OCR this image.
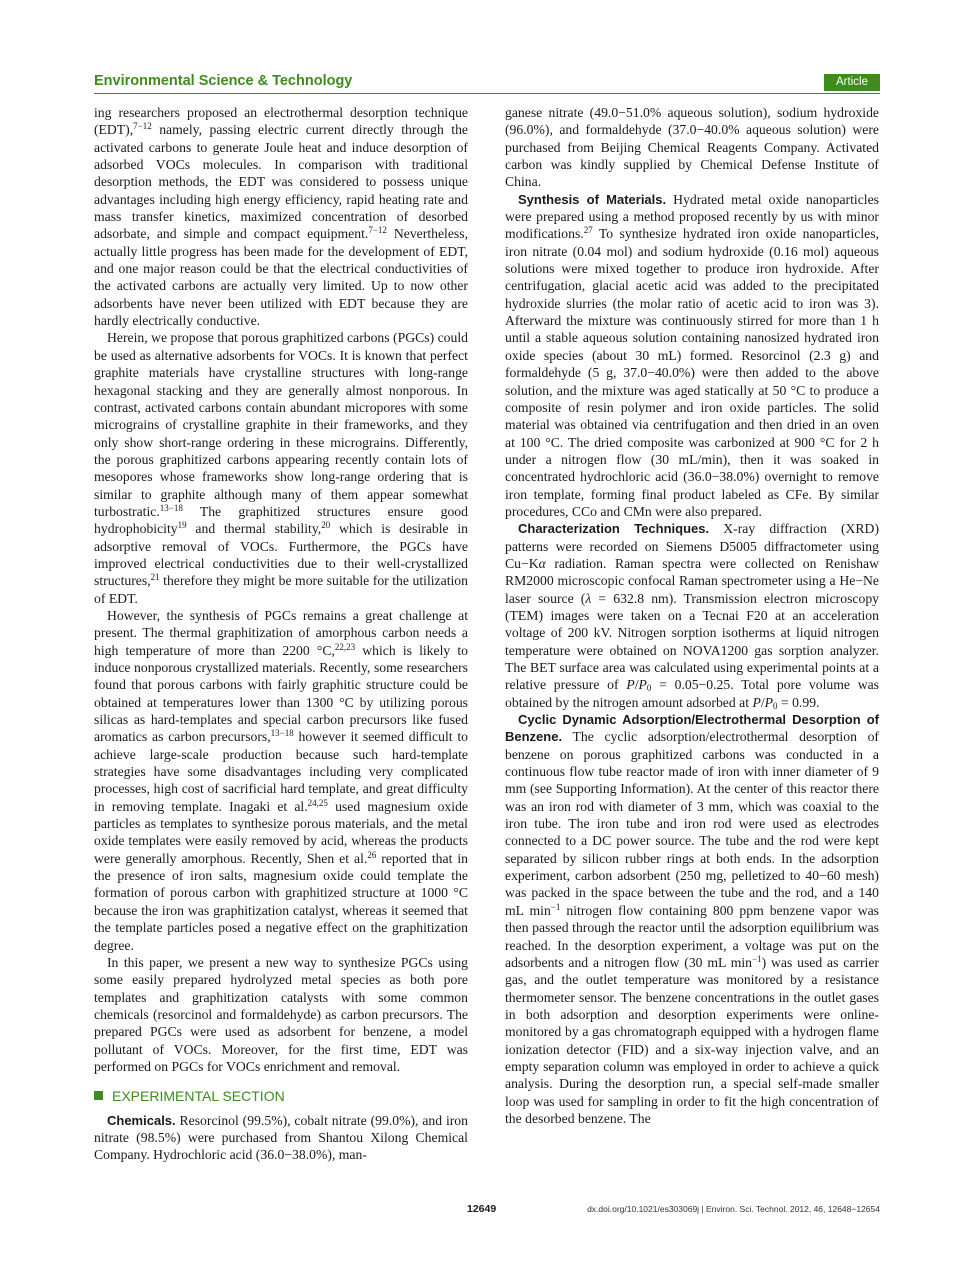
Environmental Science & Technology	Article

ing researchers proposed an electrothermal desorption technique (EDT),$^{7-12}$ namely, passing electric current directly through the activated carbons to generate Joule heat and induce desorption of adsorbed VOCs molecules. In comparison with traditional desorption methods, the EDT was considered to possess unique advantages including high energy efficiency, rapid heating rate and mass transfer kinetics, maximized concentration of desorbed adsorbate, and simple and compact equipment.$^{7-12}$ Nevertheless, actually little progress has been made for the development of EDT, and one major reason could be that the electrical conductivities of the activated carbons are actually very limited. Up to now other adsorbents have never been utilized with EDT because they are hardly electrically conductive.

Herein, we propose that porous graphitized carbons (PGCs) could be used as alternative adsorbents for VOCs. It is known that perfect graphite materials have crystalline structures with long-range hexagonal stacking and they are generally almost nonporous. In contrast, activated carbons contain abundant micropores with some micrograins of crystalline graphite in their frameworks, and they only show short-range ordering in these micrograins. Differently, the porous graphitized carbons appearing recently contain lots of mesopores whose frameworks show long-range ordering that is similar to graphite although many of them appear somewhat turbostratic.$^{13-18}$ The graphitized structures ensure good hydrophobicity$^{19}$ and thermal stability,$^{20}$ which is desirable in adsorptive removal of VOCs. Furthermore, the PGCs have improved electrical conductivities due to their well-crystallized structures,$^{21}$ therefore they might be more suitable for the utilization of EDT.

However, the synthesis of PGCs remains a great challenge at present. The thermal graphitization of amorphous carbon needs a high temperature of more than 2200 °C,$^{22,23}$ which is likely to induce nonporous crystallized materials. Recently, some researchers found that porous carbons with fairly graphitic structure could be obtained at temperatures lower than 1300 °C by utilizing porous silicas as hard-templates and special carbon precursors like fused aromatics as carbon precursors,$^{13-18}$ however it seemed difficult to achieve large-scale production because such hard-template strategies have some disadvantages including very complicated processes, high cost of sacrificial hard template, and great difficulty in removing template. Inagaki et al.$^{24,25}$ used magnesium oxide particles as templates to synthesize porous materials, and the metal oxide templates were easily removed by acid, whereas the products were generally amorphous. Recently, Shen et al.$^{26}$ reported that in the presence of iron salts, magnesium oxide could template the formation of porous carbon with graphitized structure at 1000 °C because the iron was graphitization catalyst, whereas it seemed that the template particles posed a negative effect on the graphitization degree.

In this paper, we present a new way to synthesize PGCs using some easily prepared hydrolyzed metal species as both pore templates and graphitization catalysts with some common chemicals (resorcinol and formaldehyde) as carbon precursors. The prepared PGCs were used as adsorbent for benzene, a model pollutant of VOCs. Moreover, for the first time, EDT was performed on PGCs for VOCs enrichment and removal.

EXPERIMENTAL SECTION

Chemicals. Resorcinol (99.5%), cobalt nitrate (99.0%), and iron nitrate (98.5%) were purchased from Shantou Xilong Chemical Company. Hydrochloric acid (36.0−38.0%), man-

ganese nitrate (49.0−51.0% aqueous solution), sodium hydroxide (96.0%), and formaldehyde (37.0−40.0% aqueous solution) were purchased from Beijing Chemical Reagents Company. Activated carbon was kindly supplied by Chemical Defense Institute of China.

Synthesis of Materials. Hydrated metal oxide nanoparticles were prepared using a method proposed recently by us with minor modifications.$^{27}$ To synthesize hydrated iron oxide nanoparticles, iron nitrate (0.04 mol) and sodium hydroxide (0.16 mol) aqueous solutions were mixed together to produce iron hydroxide. After centrifugation, glacial acetic acid was added to the precipitated hydroxide slurries (the molar ratio of acetic acid to iron was 3). Afterward the mixture was continuously stirred for more than 1 h until a stable aqueous solution containing nanosized hydrated iron oxide species (about 30 mL) formed. Resorcinol (2.3 g) and formaldehyde (5 g, 37.0−40.0%) were then added to the above solution, and the mixture was aged statically at 50 °C to produce a composite of resin polymer and iron oxide particles. The solid material was obtained via centrifugation and then dried in an oven at 100 °C. The dried composite was carbonized at 900 °C for 2 h under a nitrogen flow (30 mL/min), then it was soaked in concentrated hydrochloric acid (36.0−38.0%) overnight to remove iron template, forming final product labeled as CFe. By similar procedures, CCo and CMn were also prepared.

Characterization Techniques. X-ray diffraction (XRD) patterns were recorded on Siemens D5005 diffractometer using Cu−Kα radiation. Raman spectra were collected on Renishaw RM2000 microscopic confocal Raman spectrometer using a He−Ne laser source (λ = 632.8 nm). Transmission electron microscopy (TEM) images were taken on a Tecnai F20 at an acceleration voltage of 200 kV. Nitrogen sorption isotherms at liquid nitrogen temperature were obtained on NOVA1200 gas sorption analyzer. The BET surface area was calculated using experimental points at a relative pressure of $P/P_0 = 0.05-0.25$. Total pore volume was obtained by the nitrogen amount adsorbed at $P/P_0 = 0.99$.

Cyclic Dynamic Adsorption/Electrothermal Desorption of Benzene. The cyclic adsorption/electrothermal desorption of benzene on porous graphitized carbons was conducted in a continuous flow tube reactor made of iron with inner diameter of 9 mm (see Supporting Information). At the center of this reactor there was an iron rod with diameter of 3 mm, which was coaxial to the iron tube. The iron tube and iron rod were used as electrodes connected to a DC power source. The tube and the rod were kept separated by silicon rubber rings at both ends. In the adsorption experiment, carbon adsorbent (250 mg, pelletized to 40−60 mesh) was packed in the space between the tube and the rod, and a 140 mL $\min^{-1}$ nitrogen flow containing 800 ppm benzene vapor was then passed through the reactor until the adsorption equilibrium was reached. In the desorption experiment, a voltage was put on the adsorbents and a nitrogen flow (30 mL $\min^{-1}$) was used as carrier gas, and the outlet temperature was monitored by a resistance thermometer sensor. The benzene concentrations in the outlet gases in both adsorption and desorption experiments were online-monitored by a gas chromatograph equipped with a hydrogen flame ionization detector (FID) and a six-way injection valve, and an empty separation column was employed in order to achieve a quick analysis. During the desorption run, a special self-made smaller loop was used for sampling in order to fit the high concentration of the desorbed benzene. The

12649	dx.doi.org/10.1021/es303069j | Environ. Sci. Technol. 2012, 46, 12648−12654
